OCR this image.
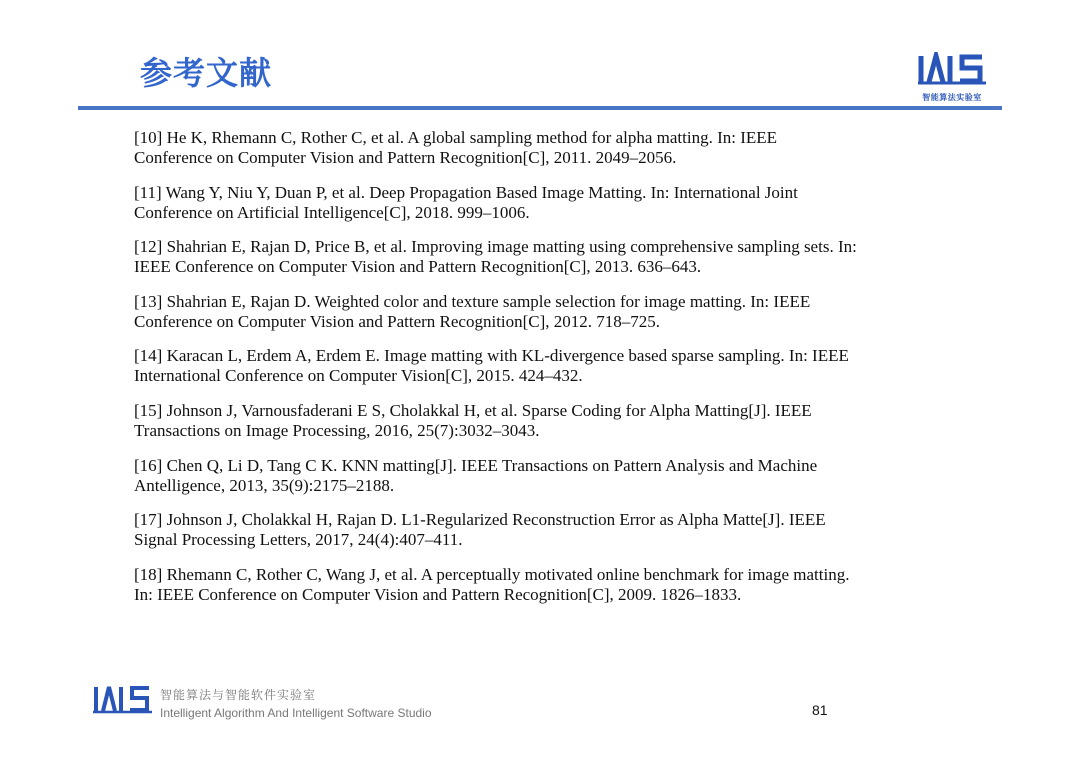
参考文献
智能算法实验室
[10] He K, Rhemann C, Rother C, et al. A global sampling method for alpha matting. In: IEEE
Conference on Computer Vision and Pattern Recognition[C], 2011. 2049–2056.
[11] Wang Y, Niu Y, Duan P, et al. Deep Propagation Based Image Matting. In: International Joint
Conference on Artificial Intelligence[C], 2018. 999–1006.
[12] Shahrian E, Rajan D, Price B, et al. Improving image matting using comprehensive sampling sets. In:
IEEE Conference on Computer Vision and Pattern Recognition[C], 2013. 636–643.
[13] Shahrian E, Rajan D. Weighted color and texture sample selection for image matting. In: IEEE
Conference on Computer Vision and Pattern Recognition[C], 2012. 718–725.
[14] Karacan L, Erdem A, Erdem E. Image matting with KL-divergence based sparse sampling. In: IEEE
International Conference on Computer Vision[C], 2015. 424–432.
[15] Johnson J, Varnousfaderani E S, Cholakkal H, et al. Sparse Coding for Alpha Matting[J]. IEEE
Transactions on Image Processing, 2016, 25(7):3032–3043.
[16] Chen Q, Li D, Tang C K. KNN matting[J]. IEEE Transactions on Pattern Analysis and Machine
Antelligence, 2013, 35(9):2175–2188.
[17] Johnson J, Cholakkal H, Rajan D. L1-Regularized Reconstruction Error as Alpha Matte[J]. IEEE
Signal Processing Letters, 2017, 24(4):407–411.
[18] Rhemann C, Rother C, Wang J, et al. A perceptually motivated online benchmark for image matting.
In: IEEE Conference on Computer Vision and Pattern Recognition[C], 2009. 1826–1833.
智能算法与智能软件实验室
Intelligent Algorithm And Intelligent Software Studio	81
